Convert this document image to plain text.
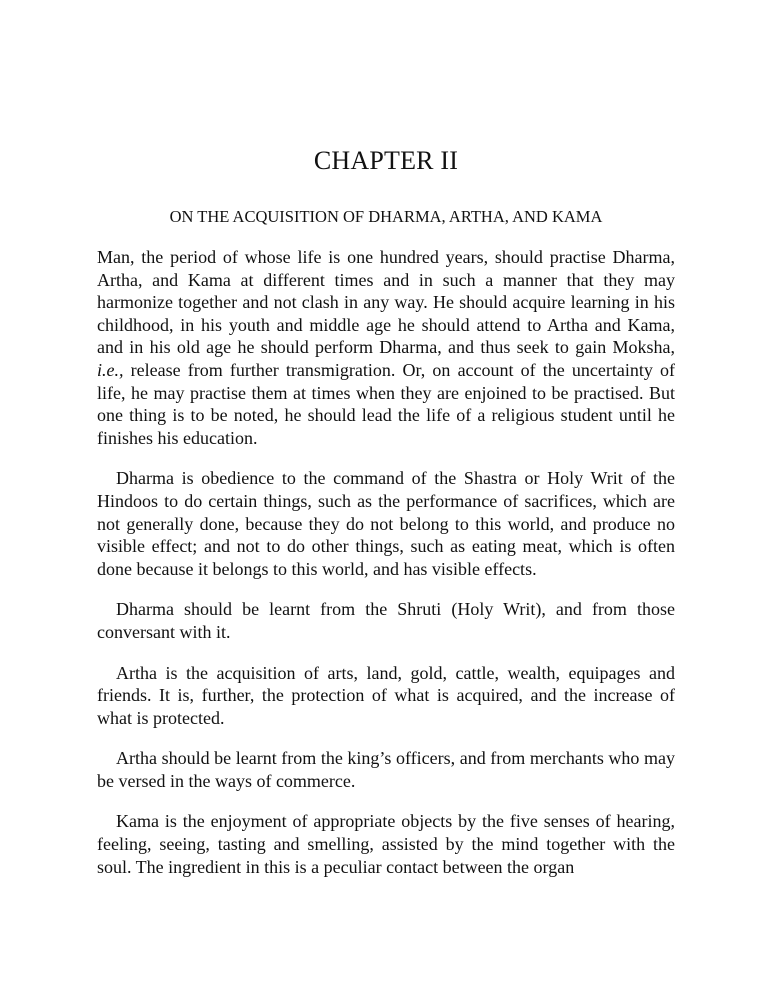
CHAPTER II
ON THE ACQUISITION OF DHARMA, ARTHA, AND KAMA

Man, the period of whose life is one hundred years, should practise Dharma, Artha, and Kama at different times and in such a manner that they may harmonize together and not clash in any way. He should acquire learning in his childhood, in his youth and middle age he should attend to Artha and Kama, and in his old age he should perform Dharma, and thus seek to gain Moksha, i.e., release from further transmigration. Or, on account of the uncertainty of life, he may practise them at times when they are enjoined to be practised. But one thing is to be noted, he should lead the life of a religious student until he finishes his education.

Dharma is obedience to the command of the Shastra or Holy Writ of the Hindoos to do certain things, such as the performance of sacrifices, which are not generally done, because they do not belong to this world, and produce no visible effect; and not to do other things, such as eating meat, which is often done because it belongs to this world, and has visible effects.

Dharma should be learnt from the Shruti (Holy Writ), and from those conversant with it.

Artha is the acquisition of arts, land, gold, cattle, wealth, equipages and friends. It is, further, the protection of what is acquired, and the increase of what is protected.

Artha should be learnt from the king’s officers, and from merchants who may be versed in the ways of commerce.

Kama is the enjoyment of appropriate objects by the five senses of hearing, feeling, seeing, tasting and smelling, assisted by the mind together with the soul. The ingredient in this is a peculiar contact between the organ
